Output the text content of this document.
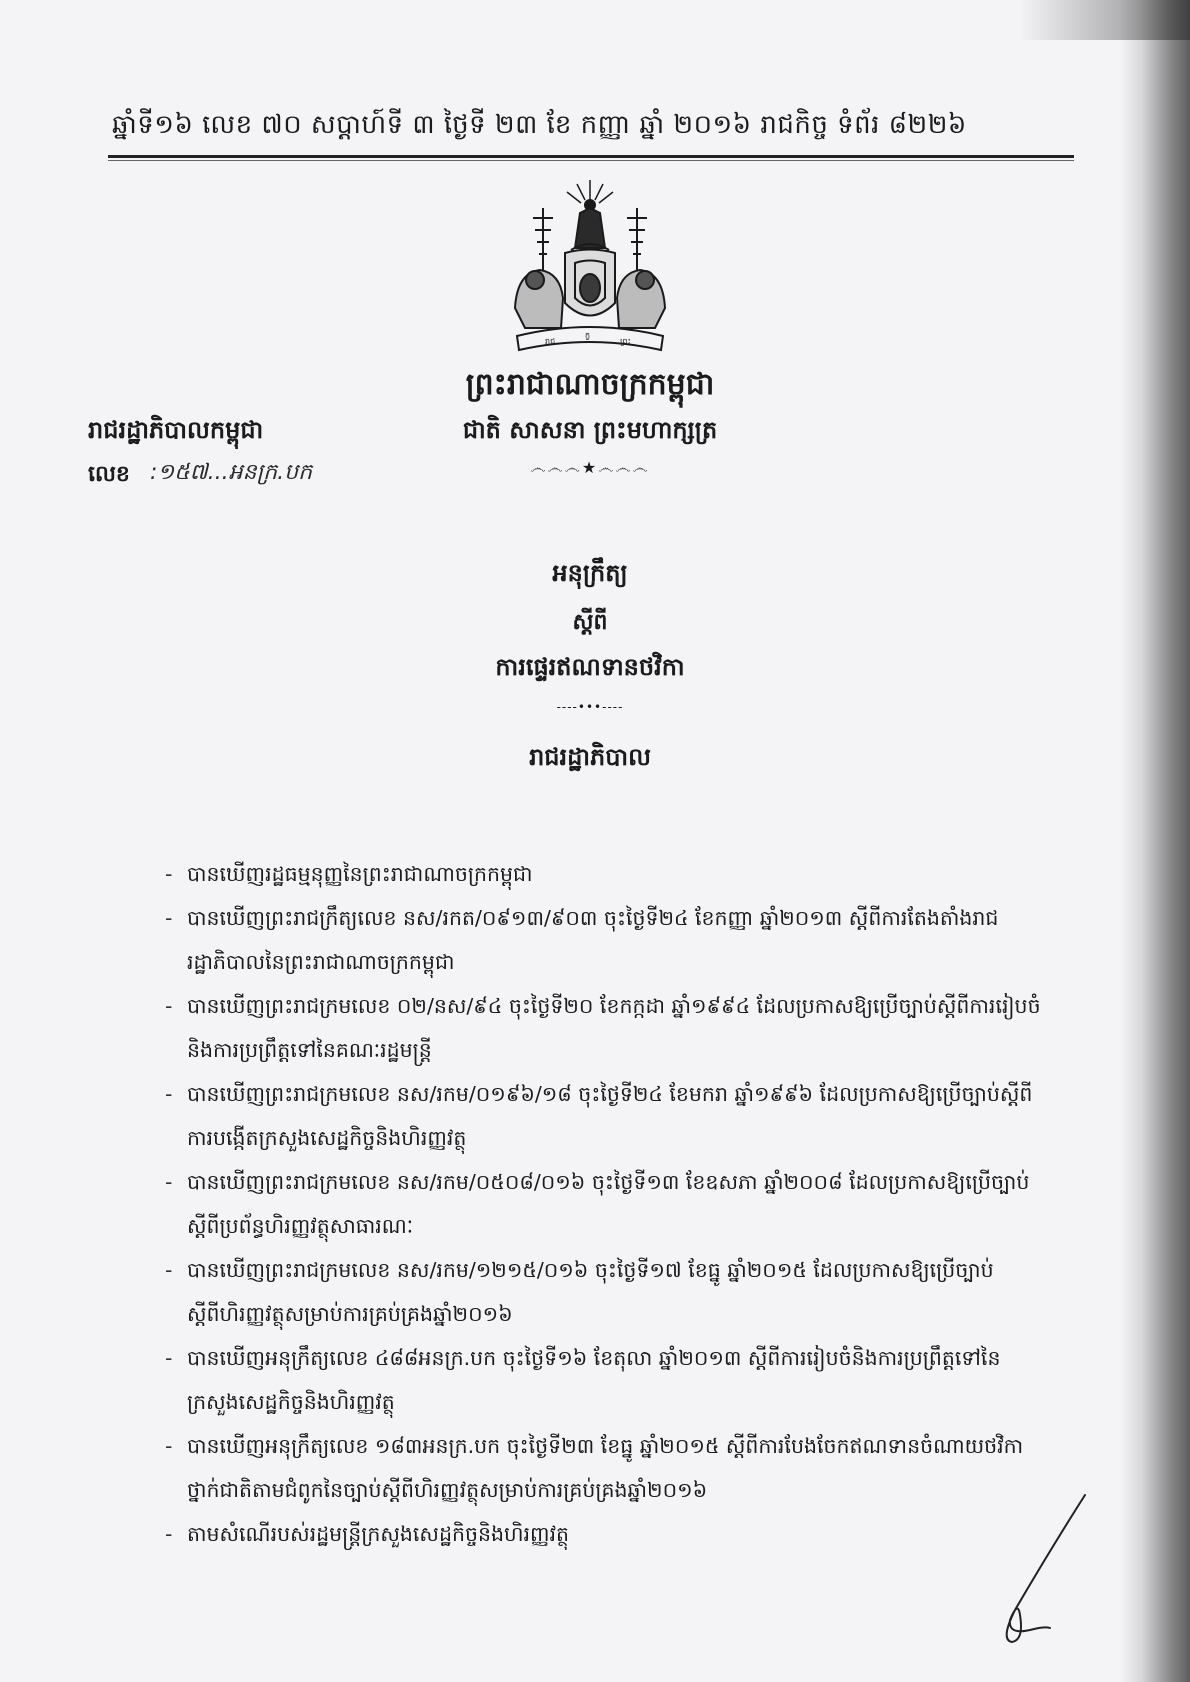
ឆ្នាំទី១៦ លេខ ៧០ សប្តាហ៍ទី ៣ ថ្ងៃទី ២៣ ខែ កញ្ញា ឆ្នាំ ២០១៦ រាជកិច្ច ទំព័រ ៨២២៦
រាជ
ក្ខ
ព្រះ
ព្រះរាជាណាចក្រកម្ពុជា
ជាតិ សាសនា ព្រះមហាក្សត្រ
෴෴෴★෴෴෴
រាជរដ្ឋាភិបាលកម្ពុជា
លេខ :១៥៧...អនក្រ.បក
អនុក្រឹត្យ
ស្តីពី
ការផ្ទេរឥណទានថវិកា
----•••----
រាជរដ្ឋាភិបាល
- បានឃើញរដ្ឋធម្មនុញ្ញនៃព្រះរាជាណាចក្រកម្ពុជា
- បានឃើញព្រះរាជក្រឹត្យលេខ នស/រកត/០៩១៣/៩០៣ ចុះថ្ងៃទី២៤ ខែកញ្ញា ឆ្នាំ២០១៣ ស្តីពីការតែងតាំងរាជរដ្ឋាភិបាលនៃព្រះរាជាណាចក្រកម្ពុជា
- បានឃើញព្រះរាជក្រមលេខ ០២/នស/៩៤ ចុះថ្ងៃទី២០ ខែកក្កដា ឆ្នាំ១៩៩៤ ដែលប្រកាសឱ្យប្រើច្បាប់ស្តីពីការរៀបចំនិងការប្រព្រឹត្តទៅនៃគណៈរដ្ឋមន្ត្រី
- បានឃើញព្រះរាជក្រមលេខ នស/រកម/០១៩៦/១៨ ចុះថ្ងៃទី២៤ ខែមករា ឆ្នាំ១៩៩៦ ដែលប្រកាសឱ្យប្រើច្បាប់ស្តីពីការបង្កើតក្រសួងសេដ្ឋកិច្ចនិងហិរញ្ញវត្ថុ
- បានឃើញព្រះរាជក្រមលេខ នស/រកម/០៥០៨/០១៦ ចុះថ្ងៃទី១៣ ខែឧសភា ឆ្នាំ២០០៨ ដែលប្រកាសឱ្យប្រើច្បាប់ស្តីពីប្រព័ន្ធហិរញ្ញវត្ថុសាធារណៈ
- បានឃើញព្រះរាជក្រមលេខ នស/រកម/១២១៥/០១៦ ចុះថ្ងៃទី១៧ ខែធ្នូ ឆ្នាំ២០១៥ ដែលប្រកាសឱ្យប្រើច្បាប់ស្តីពីហិរញ្ញវត្ថុសម្រាប់ការគ្រប់គ្រងឆ្នាំ២០១៦
- បានឃើញអនុក្រឹត្យលេខ ៤៨៨អនក្រ.បក ចុះថ្ងៃទី១៦ ខែតុលា ឆ្នាំ២០១៣ ស្តីពីការរៀបចំនិងការប្រព្រឹត្តទៅនៃក្រសួងសេដ្ឋកិច្ចនិងហិរញ្ញវត្ថុ
- បានឃើញអនុក្រឹត្យលេខ ១៨៣អនក្រ.បក ចុះថ្ងៃទី២៣ ខែធ្នូ ឆ្នាំ២០១៥ ស្តីពីការបែងចែកឥណទានចំណាយថវិកាថ្នាក់ជាតិតាមជំពូកនៃច្បាប់ស្តីពីហិរញ្ញវត្ថុសម្រាប់ការគ្រប់គ្រងឆ្នាំ២០១៦
- តាមសំណើរបស់រដ្ឋមន្ត្រីក្រសួងសេដ្ឋកិច្ចនិងហិរញ្ញវត្ថុ
